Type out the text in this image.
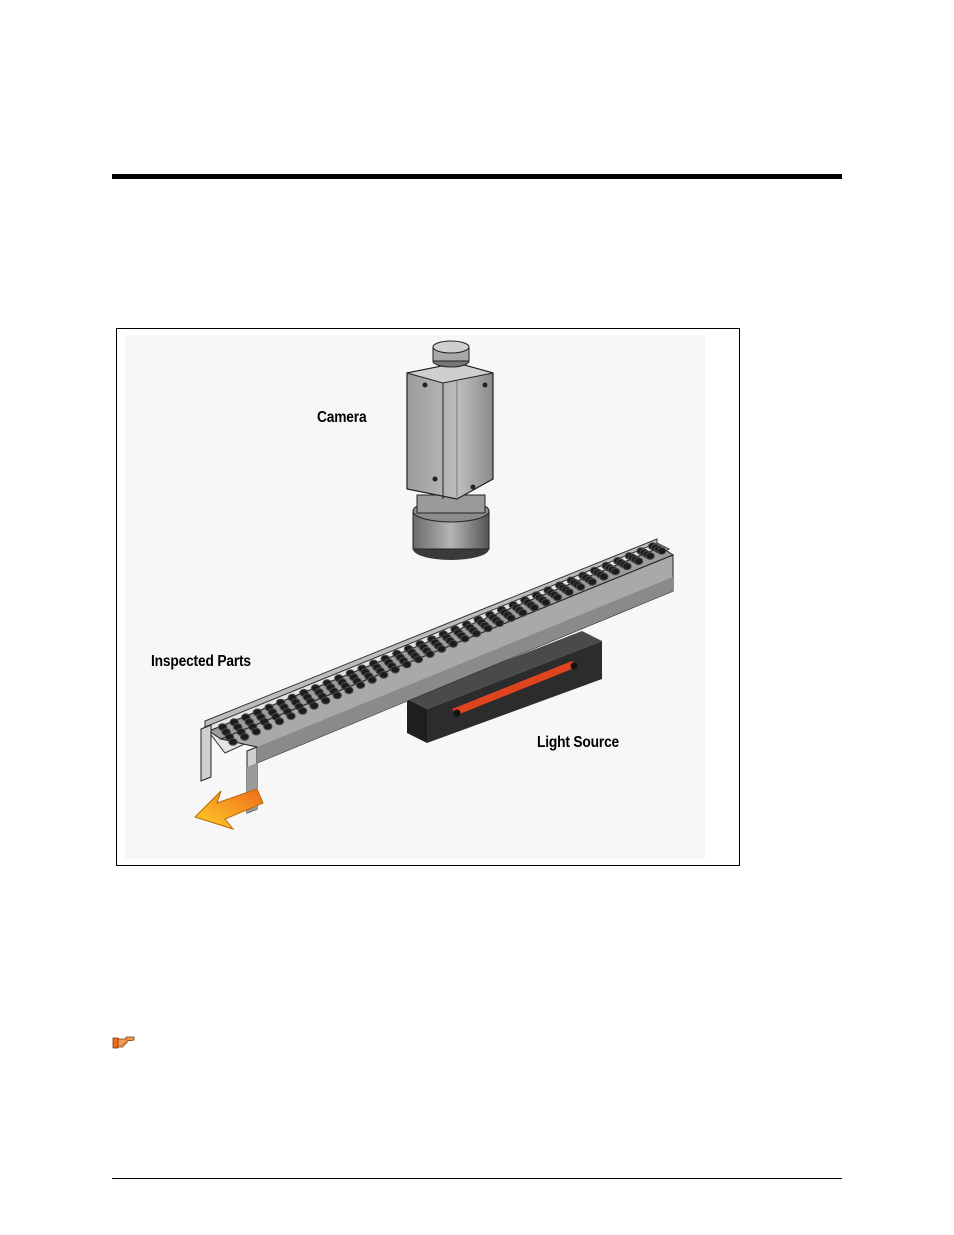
Camera
Inspected Parts
Light Source
